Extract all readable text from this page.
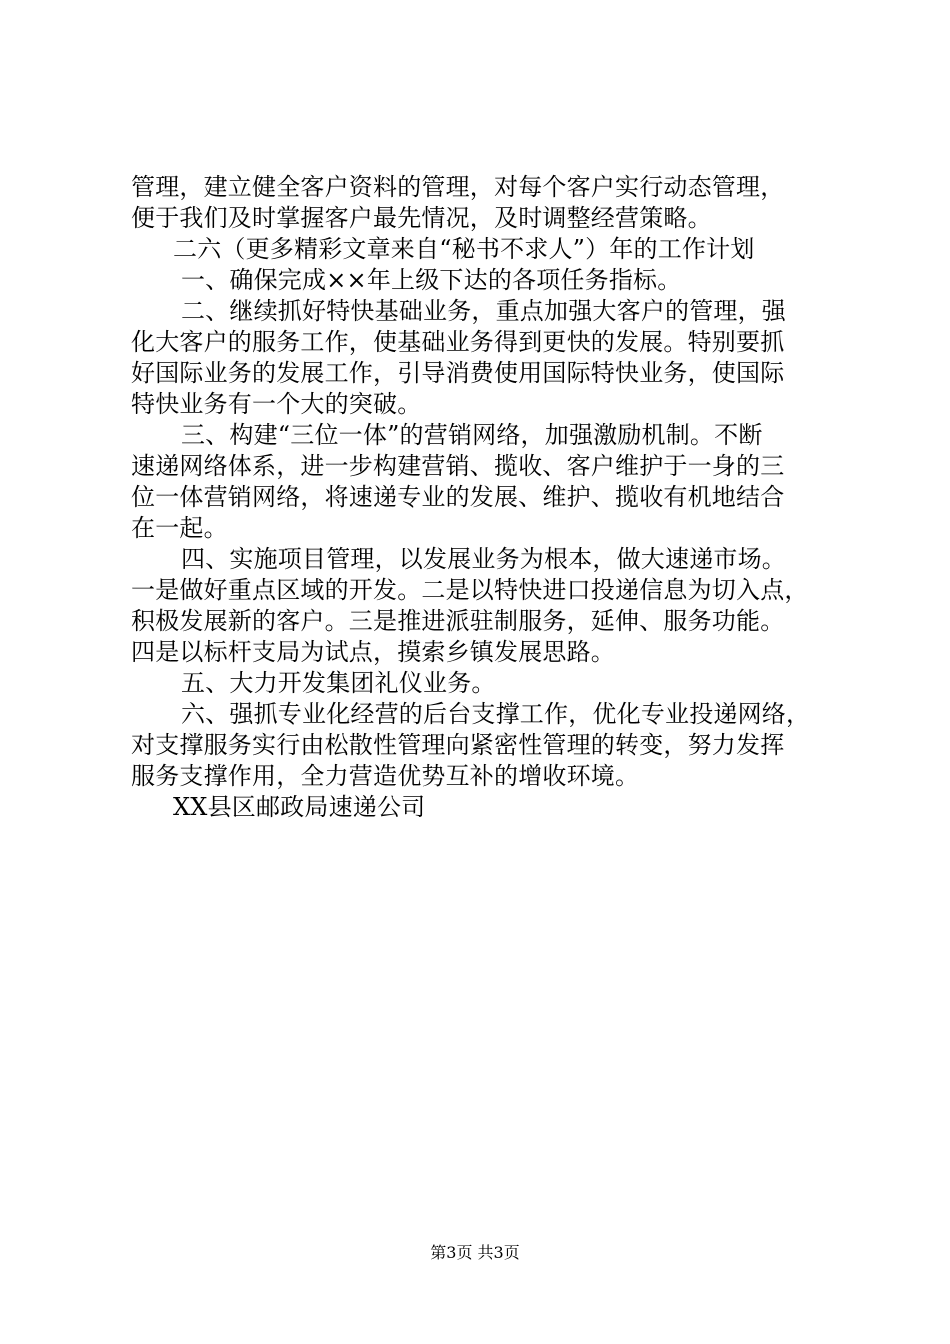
管理，建立健全客户资料的管理，对每个客户实行动态管理，
便于我们及时掌握客户最先情况，及时调整经营策略。
二六（更多精彩文章来自“秘书不求人”）年的工作计划
一、确保完成××年上级下达的各项任务指标。
二、继续抓好特快基础业务，重点加强大客户的管理，强
化大客户的服务工作，使基础业务得到更快的发展。特别要抓
好国际业务的发展工作，引导消费使用国际特快业务，使国际
特快业务有一个大的突破。
三、构建“三位一体”的营销网络，加强激励机制。不断
速递网络体系，进一步构建营销、揽收、客户维护于一身的三
位一体营销网络，将速递专业的发展、维护、揽收有机地结合
在一起。
四、实施项目管理，以发展业务为根本，做大速递市场。
一是做好重点区域的开发。二是以特快进口投递信息为切入点，
积极发展新的客户。三是推进派驻制服务，延伸、服务功能。
四是以标杆支局为试点，摸索乡镇发展思路。
五、大力开发集团礼仪业务。
六、强抓专业化经营的后台支撑工作，优化专业投递网络，
对支撑服务实行由松散性管理向紧密性管理的转变，努力发挥
服务支撑作用，全力营造优势互补的增收环境。
XX县区邮政局速递公司
第3页 共3页
